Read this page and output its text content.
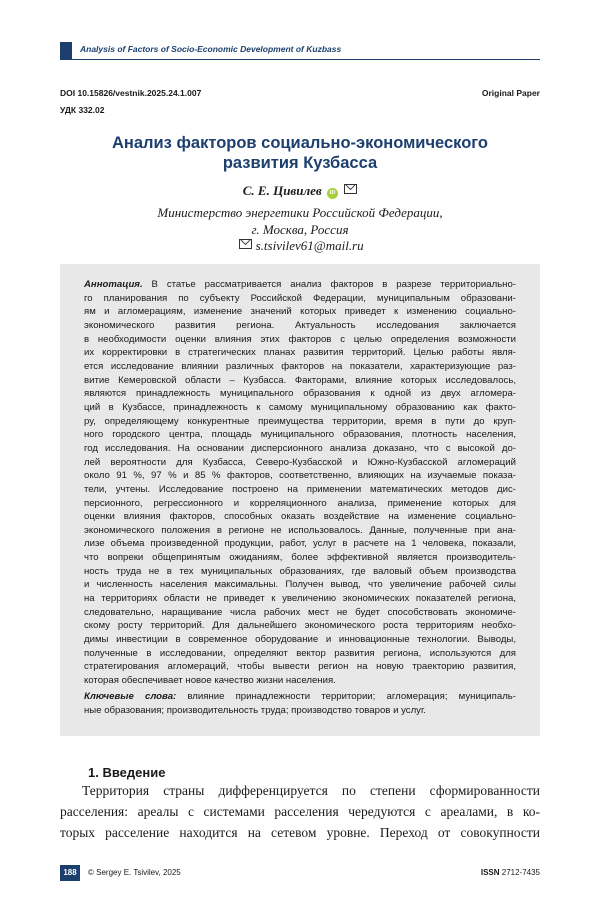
Analysis of Factors of Socio-Economic Development of Kuzbass
DOI 10.15826/vestnik.2025.24.1.007
УДК 332.02
Original Paper
Анализ факторов социально-экономического
развития Кузбасса
С. Е. Цивилев iD
Министерство энергетики Российской Федерации,
г. Москва, Россия
s.tsivilev61@mail.ru
Аннотация. В статье рассматривается анализ факторов в разрезе территориально-
го планирования по субъекту Российской Федерации, муниципальным образовани-
ям и агломерациям, изменение значений которых приведет к изменению социально-
экономического развития региона. Актуальность исследования заключается
в необходимости оценки влияния этих факторов с целью определения возможности
их корректировки в стратегических планах развития территорий. Целью работы явля-
ется исследование влиянии различных факторов на показатели, характеризующие раз-
витие Кемеровской области – Кузбасса. Факторами, влияние которых исследовалось,
являются принадлежность муниципального образования к одной из двух агломера-
ций в Кузбассе, принадлежность к самому муниципальному образованию как факто-
ру, определяющему конкурентные преимущества территории, время в пути до круп-
ного городского центра, площадь муниципального образования, плотность населения,
год исследования. На основании дисперсионного анализа доказано, что с высокой до-
лей вероятности для Кузбасса, Северо-Кузбасской и Южно-Кузбасской агломераций
около 91 %, 97 % и 85 % факторов, соответственно, влияющих на изучаемые показа-
тели, учтены. Исследование построено на применении математических методов дис-
персионного, регрессионного и корреляционного анализа, применение которых для
оценки влияния факторов, способных оказать воздействие на изменение социально-
экономического положения в регионе не использовалось. Данные, полученные при ана-
лизе объема произведенной продукции, работ, услуг в расчете на 1 человека, показали,
что вопреки общепринятым ожиданиям, более эффективной является производитель-
ность труда не в тех муниципальных образованиях, где валовый объем производства
и численность населения максимальны. Получен вывод, что увеличение рабочей силы
на территориях области не приведет к увеличению экономических показателей региона,
следовательно, наращивание числа рабочих мест не будет способствовать экономиче-
скому росту территорий. Для дальнейшего экономического роста территориям необхо-
димы инвестиции в современное оборудование и инновационные технологии. Выводы,
полученные в исследовании, определяют вектор развития региона, используются для
стратегирования агломераций, чтобы вывести регион на новую траекторию развития,
которая обеспечивает новое качество жизни населения.
Ключевые слова: влияние принадлежности территории; агломерация; муниципаль-
ные образования; производительность труда; производство товаров и услуг.
1. Введение
Территория страны дифференцируется по степени сформированности
расселения: ареалы с системами расселения чередуются с ареалами, в ко-
торых расселение находится на сетевом уровне. Переход от совокупности
188	© Sergey E. Tsivilev, 2025	ISSN 2712-7435
